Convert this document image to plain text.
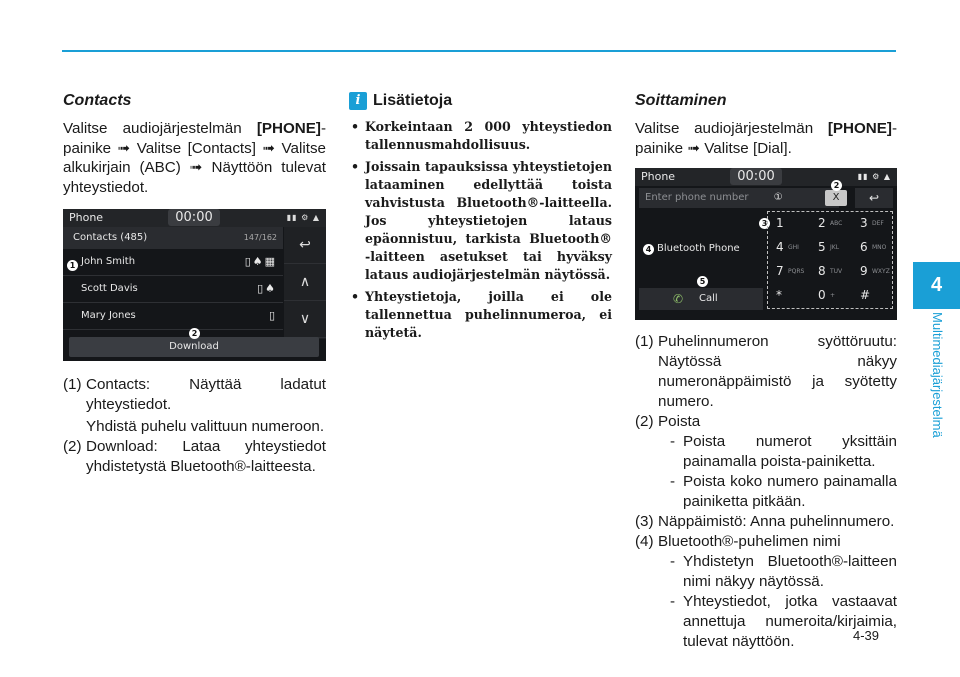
4
Multimediajärjestelmä
Contacts

Valitse audiojärjestelmän [PHONE]-painike ➟ Valitse [Contacts] ➟ Valitse alkukirjain (ABC) ➟ Näyttöön tulevat yhteystiedot.

Phone	00:00	▮▮ ⚙ ▲
Contacts (485)	147/162
John Smith	▯♠▦
Scott Davis	▯♠
Mary Jones	▯
↩
∧
∨
Download
1
2
(1) Contacts: Näyttää ladatut yhteystiedot.
Yhdistä puhelu valittuun numeroon.
(2) Download: Lataa yhteystiedot yhdistetystä Bluetooth®-laitteesta.
i Lisätietoja
• Korkeintaan 2 000 yhteystiedon tallennusmahdollisuus.
• Joissain tapauksissa yhteystietojen lataaminen edellyttää toista vahvistusta Bluetooth®-laitteella. Jos yhteystietojen lataus epäonnistuu, tarkista Bluetooth® -laitteen asetukset tai hyväksy lataus audiojärjestelmän näytössä.
• Yhteystietoja, joilla ei ole tallennettua puhelinnumeroa, ei näytetä.
Soittaminen

Valitse audiojärjestelmän [PHONE]-painike ➟ Valitse [Dial].

Phone	00:00	▮▮ ⚙ ▲
Enter phone number	①	X	↩
2
3
4
5
Bluetooth Phone
✆ Call
1	2 ABC 3 DEF
4 GHI 5 JKL 6 MNO
7 PQRS 8 TUV 9 WXYZ
*	0 + #
(1) Puhelinnumeron syöttöruutu: Näytössä näkyy numeronäppäimistö ja syötetty numero.
(2) Poista
- Poista numerot yksittäin painamalla poista-painiketta.
- Poista koko numero painamalla painiketta pitkään.
(3) Näppäimistö: Anna puhelinnumero.
(4) Bluetooth®-puhelimen nimi
- Yhdistetyn Bluetooth®-laitteen nimi näkyy näytössä.
- Yhteystiedot, jotka vastaavat annettuja numeroita/kirjaimia, tulevat näyttöön.	4-39
